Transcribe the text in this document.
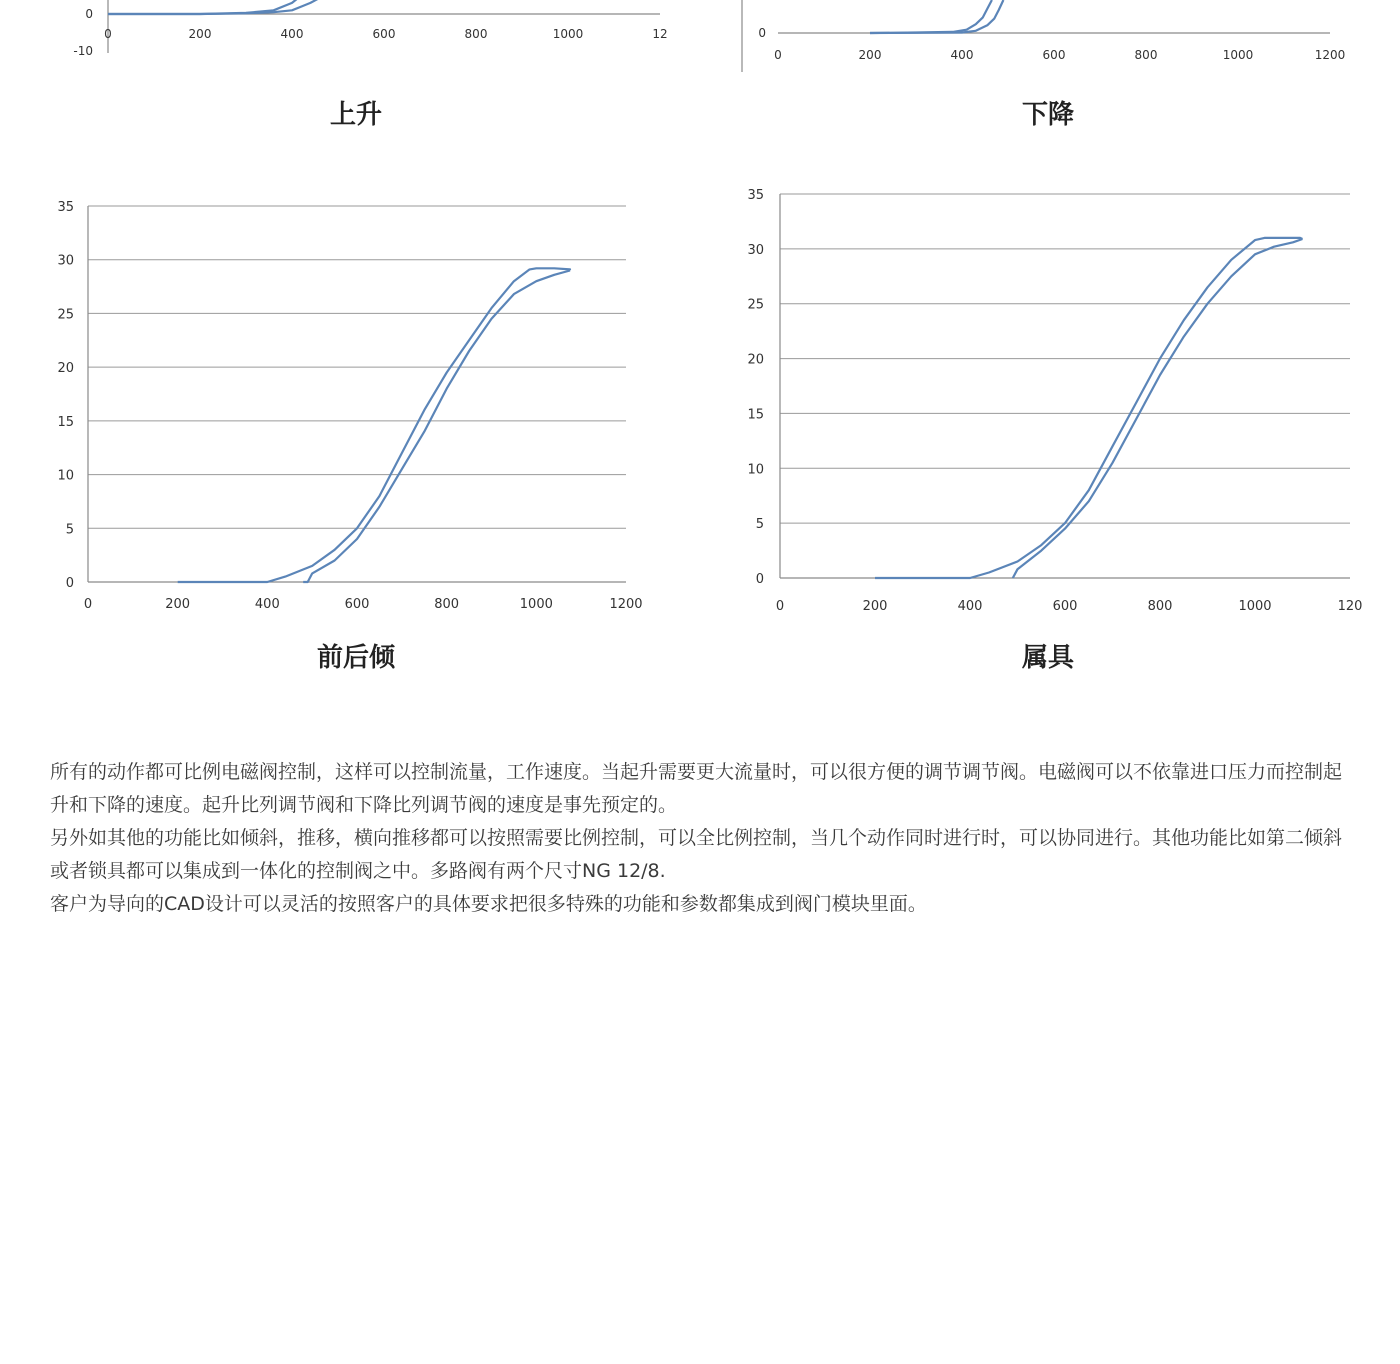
0
-10
0	200	400	600	800	1000	12
上升
0
0	200	400	600	800	1000	1200
下降
0
5
10
15
20
25
30
35
0	200	400	600	800	1000	1200
前后倾
0
5
10
15
20
25
30
35
0	200	400	600	800	1000	120
属具

所有的动作都可比例电磁阀控制，这样可以控制流量，工作速度。当起升需要更大流量时，可以很方便的调节调节阀。电磁阀可以不依靠进口压力而控制起升和下降的速度。起升比列调节阀和下降比列调节阀的速度是事先预定的。

另外如其他的功能比如倾斜，推移，横向推移都可以按照需要比例控制，可以全比例控制，当几个动作同时进行时，可以协同进行。其他功能比如第二倾斜或者锁具都可以集成到一体化的控制阀之中。多路阀有两个尺寸NG 12/8.

客户为导向的CAD设计可以灵活的按照客户的具体要求把很多特殊的功能和参数都集成到阀门模块里面。
